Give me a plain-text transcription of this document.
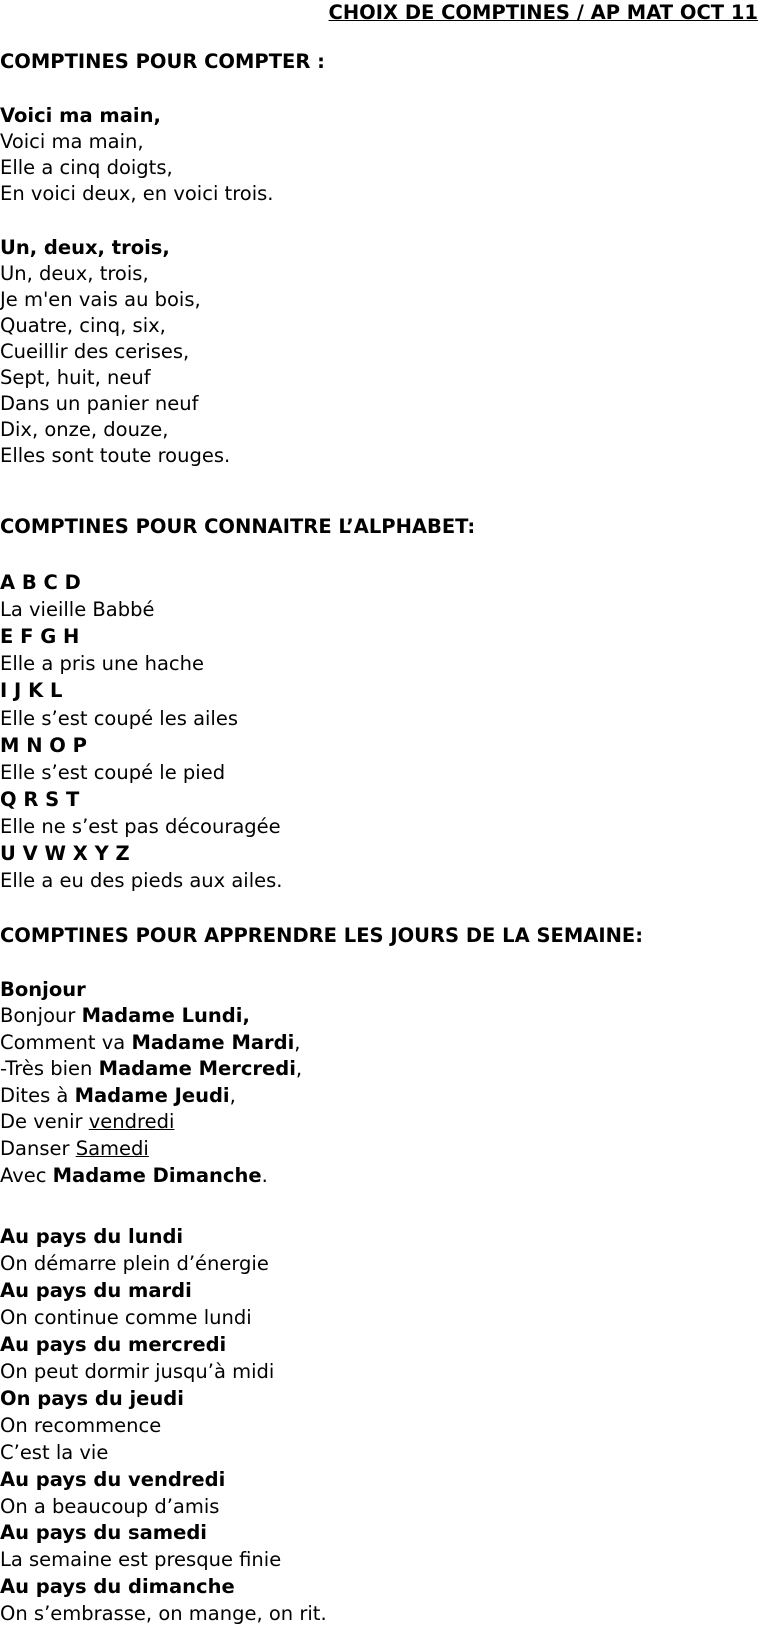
CHOIX DE COMPTINES / AP MAT OCT 11
COMPTINES POUR COMPTER :
Voici ma main,
Voici ma main,
Elle a cinq doigts,
En voici deux, en voici trois.
Un, deux, trois,
Un, deux, trois,
Je m'en vais au bois,
Quatre, cinq, six,
Cueillir des cerises,
Sept, huit, neuf
Dans un panier neuf
Dix, onze, douze,
Elles sont toute rouges.
COMPTINES POUR CONNAITRE L’ALPHABET:
A B C D
La vieille Babbé
E F G H
Elle a pris une hache
I J K L
Elle s’est coupé les ailes
M N O P
Elle s’est coupé le pied
Q R S T
Elle ne s’est pas découragée
U V W X Y Z
Elle a eu des pieds aux ailes.
COMPTINES POUR APPRENDRE LES JOURS DE LA SEMAINE:
Bonjour
Bonjour Madame Lundi,
Comment va Madame Mardi,
-Très bien Madame Mercredi,
Dites à Madame Jeudi,
De venir vendredi
Danser Samedi
Avec Madame Dimanche.
Au pays du lundi
On démarre plein d’énergie
Au pays du mardi
On continue comme lundi
Au pays du mercredi
On peut dormir jusqu’à midi
On pays du jeudi
On recommence
C’est la vie
Au pays du vendredi
On a beaucoup d’amis
Au pays du samedi
La semaine est presque finie
Au pays du dimanche
On s’embrasse, on mange, on rit.
